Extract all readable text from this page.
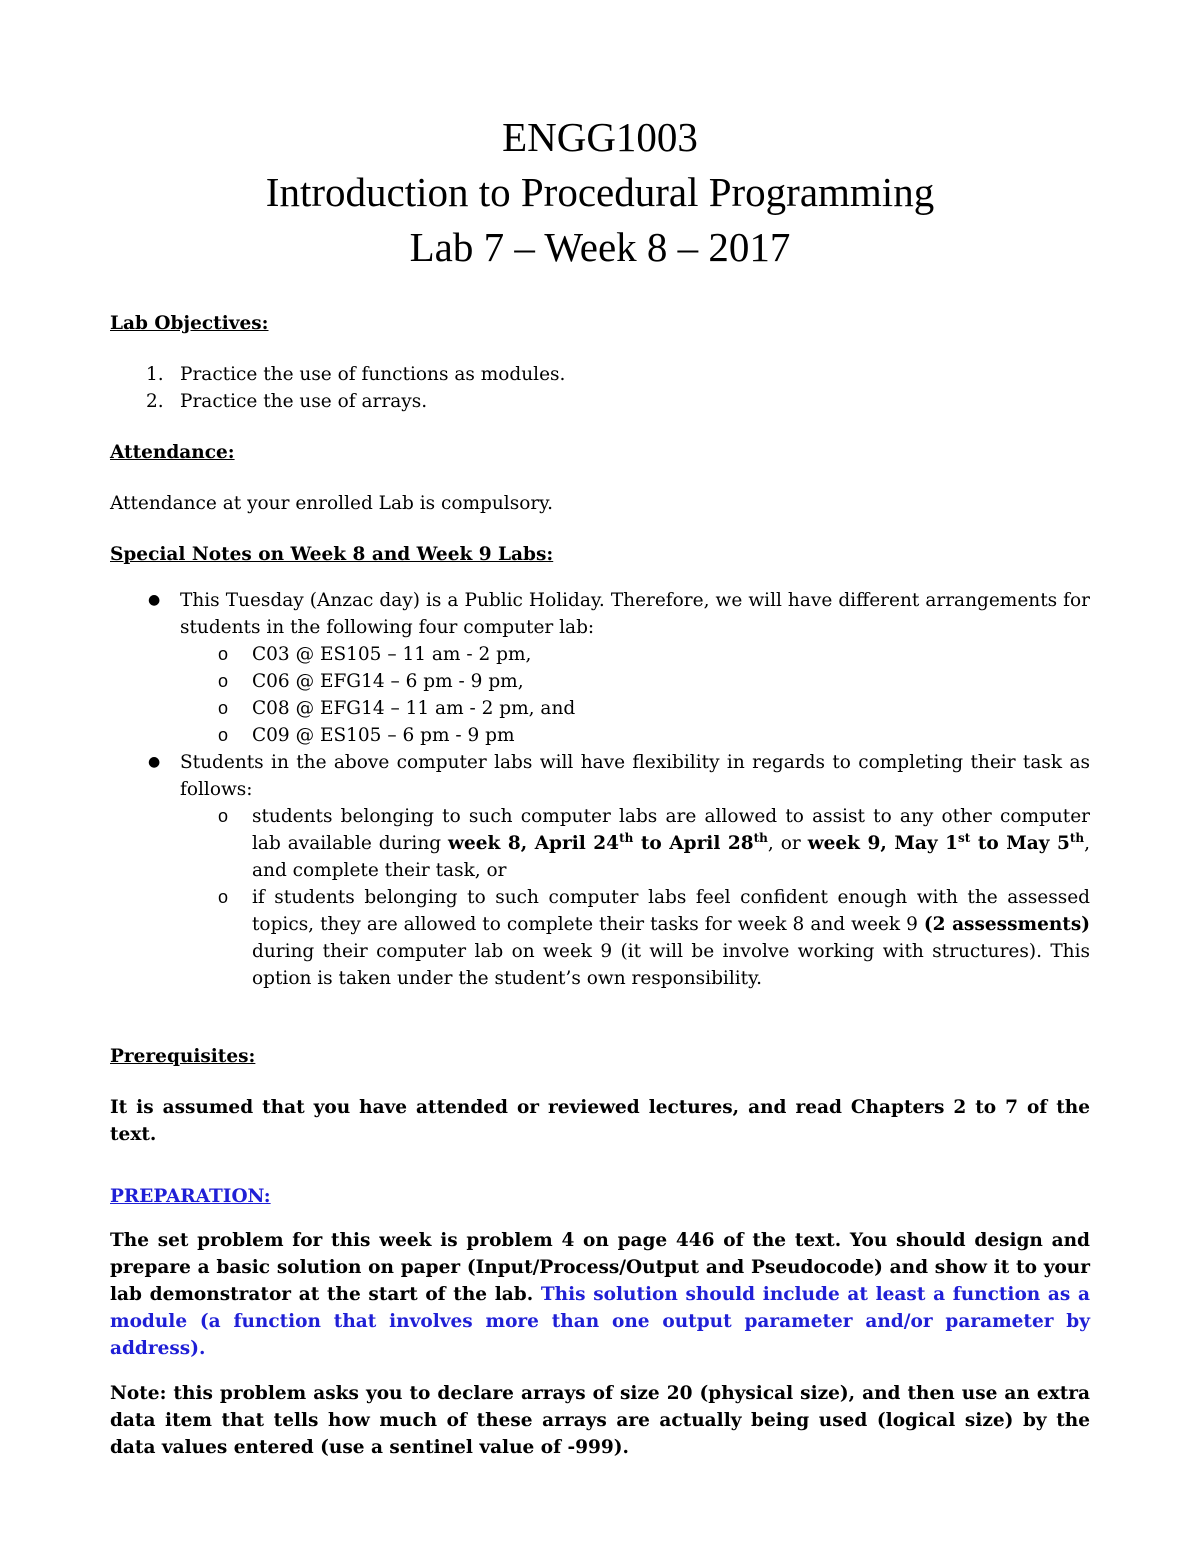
ENGG1003
Introduction to Procedural Programming
Lab 7 – Week 8 – 2017

Lab Objectives:

1. Practice the use of functions as modules.
2. Practice the use of arrays.

Attendance:

Attendance at your enrolled Lab is compulsory.

Special Notes on Week 8 and Week 9 Labs:

● This Tuesday (Anzac day) is a Public Holiday. Therefore, we will have different arrangements for students in the following four computer lab:
o C03 @ ES105 – 11 am - 2 pm,
o C06 @ EFG14 – 6 pm - 9 pm,
o C08 @ EFG14 – 11 am - 2 pm, and
o C09 @ ES105 – 6 pm - 9 pm
● Students in the above computer labs will have flexibility in regards to completing their task as follows:
o students belonging to such computer labs are allowed to assist to any other computer lab available during week 8, April 24th to April 28th, or week 9, May 1st to May 5th, and complete their task, or
o if students belonging to such computer labs feel confident enough with the assessed topics, they are allowed to complete their tasks for week 8 and week 9 (2 assessments) during their computer lab on week 9 (it will be involve working with structures). This option is taken under the student’s own responsibility.

Prerequisites:

It is assumed that you have attended or reviewed lectures, and read Chapters 2 to 7 of the text.

PREPARATION:

The set problem for this week is problem 4 on page 446 of the text. You should design and prepare a basic solution on paper (Input/Process/Output and Pseudocode) and show it to your lab demonstrator at the start of the lab. This solution should include at least a function as a module (a function that involves more than one output parameter and/or parameter by address).

Note: this problem asks you to declare arrays of size 20 (physical size), and then use an extra data item that tells how much of these arrays are actually being used (logical size) by the data values entered (use a sentinel value of -999).
